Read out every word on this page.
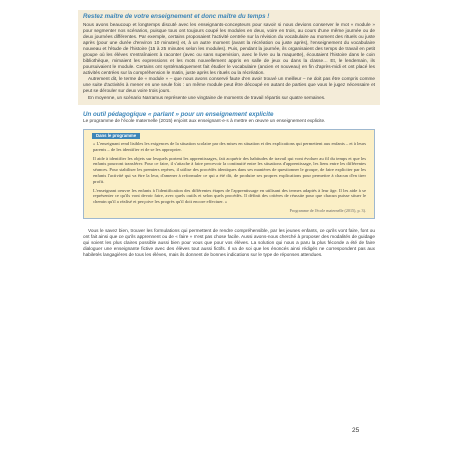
Restez maître de votre enseignement et donc maître du temps !

Nous avons beaucoup et longtemps discuté avec les enseignants-concepteurs pour savoir si nous devions conserver le mot « module » pour segmenter nos scénarios, puisque tous ont toujours coupé les modules en deux, voire en trois, au cours d'une même journée ou de deux journées différentes. Par exemple, certains proposaient l'activité centrée sur la révision du vocabulaire au moment des rituels ou juste après (pour une durée d'environ 10 minutes) et, à un autre moment (avant la récréation ou juste après), l'enseignement du vocabulaire nouveau et l'étude de l'histoire (15 à 25 minutes selon les modules). Puis, pendant la journée, ils organisaient des temps de travail en petit groupe où les élèves s'entraînaient à raconter (avec ou sans supervision, avec le livre ou la maquette), écoutaient l'histoire dans le coin bibliothèque, mimaient les expressions et les mots nouvellement appris en salle de jeux ou dans la classe… Et, le lendemain, ils poursuivaient le module. Certains ont systématiquement fait étudier le vocabulaire (ancien et nouveau) en fin d'après-midi et ont placé les activités centrées sur la compréhension le matin, juste après les rituels ou la récréation.

Autrement dit, le terme de « module » – que nous avons conservé faute d'en avoir trouvé un meilleur – ne doit pas être compris comme une suite d'activités à mener en une seule fois : un même module peut être découpé en autant de parties que vous le jugez nécessaire et peut se dérouler sur deux voire trois jours.

En moyenne, un scénario Narramus représente une vingtaine de moments de travail répartis sur quatre semaines.

Un outil pédagogique « parlant » pour un enseignement explicite

Le programme de l'école maternelle (2015) enjoint aux enseignant·e·s à mettre en œuvre un enseignement explicite.

Dans le programme

« L'enseignant rend lisibles les exigences de la situation scolaire par des mises en situation et des explications qui permettent aux enfants – et à leurs parents – de les identifier et de se les approprier.

Il aide à identifier les objets sur lesquels portent les apprentissages, fait acquérir des habitudes de travail qui vont évoluer au fil du temps et que les enfants pourront transférer. Pour ce faire, il s'attache à faire percevoir la continuité entre les situations d'apprentissage, les liens entre les différentes séances. Pour stabiliser les premiers repères, il utilise des procédés identiques dans ses manières de questionner le groupe, de faire expliciter par les enfants l'activité qui va être la leur, d'amener à reformuler ce qui a été dit, de produire ses propres explications pour permettre à chacun d'en tirer profit.

L'enseignant oeuvre les enfants à l'identification des différentes étapes de l'apprentissage en utilisant des termes adaptés à leur âge. Il les aide à se représenter ce qu'ils vont devoir faire, avec quels outils et selon quels procédés. Il définit des critères de réussite pour que chacun puisse situer le chemin qu'il a réalisé et perçoive les progrès qu'il doit encore effectuer. »

Programme de l'école maternelle (2015), p. 3).

Vous le savez bien, trouver les formulations qui permettent de rendre compréhensible, par les jeunes enfants, ce qu'ils vont faire, font ou ont fait ainsi que ce qu'ils apprennent ou de « faire » n'est pas chose facile. Aussi avons-nous cherché à proposer des modalités de guidage qui soient les plus claires possible aussi bien pour vous que pour vos élèves. La solution qui nous a paru la plus féconde a été de faire dialoguer une enseignante fictive avec des élèves tout aussi fictifs. Il va de soi que les énoncés ainsi rédigés ne correspondent pas aux habiletés langagières de tous les élèves, mais ils donnent de bonnes indications sur le type de réponses attendues.

25
